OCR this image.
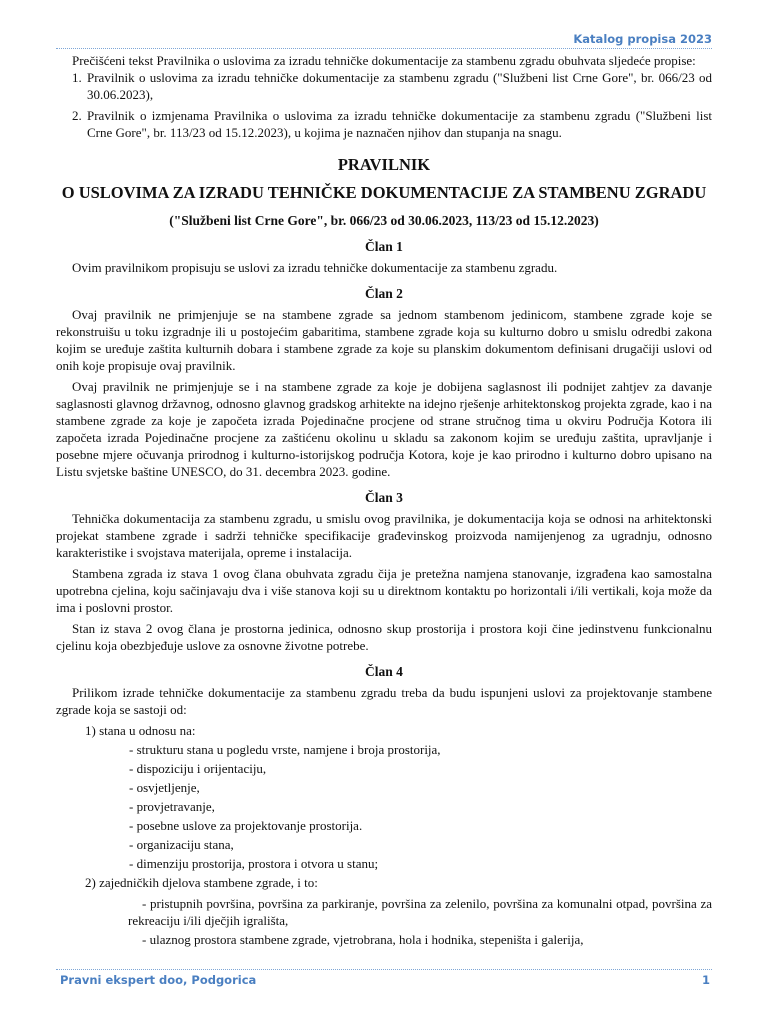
Katalog propisa 2023

Prečišćeni tekst Pravilnika o uslovima za izradu tehničke dokumentacije za stambenu zgradu obuhvata sljedeće propise:

1. Pravilnik o uslovima za izradu tehničke dokumentacije za stambenu zgradu ("Službeni list Crne Gore", br. 066/23 od 30.06.2023),
2. Pravilnik o izmjenama Pravilnika o uslovima za izradu tehničke dokumentacije za stambenu zgradu ("Službeni list Crne Gore", br. 113/23 od 15.12.2023), u kojima je naznačen njihov dan stupanja na snagu.
PRAVILNIK
O USLOVIMA ZA IZRADU TEHNIČKE DOKUMENTACIJE ZA STAMBENU ZGRADU
("Službeni list Crne Gore", br. 066/23 od 30.06.2023, 113/23 od 15.12.2023)
Član 1

Ovim pravilnikom propisuju se uslovi za izradu tehničke dokumentacije za stambenu zgradu.

Član 2

Ovaj pravilnik ne primjenjuje se na stambene zgrade sa jednom stambenom jedinicom, stambene zgrade koje se rekonstruišu u toku izgradnje ili u postojećim gabaritima, stambene zgrade koja su kulturno dobro u smislu odredbi zakona kojim se uređuje zaštita kulturnih dobara i stambene zgrade za koje su planskim dokumentom definisani drugačiji uslovi od onih koje propisuje ovaj pravilnik.

Ovaj pravilnik ne primjenjuje se i na stambene zgrade za koje je dobijena saglasnost ili podnijet zahtjev za davanje saglasnosti glavnog državnog, odnosno glavnog gradskog arhitekte na idejno rješenje arhitektonskog projekta zgrade, kao i na stambene zgrade za koje je započeta izrada Pojedinačne procjene od strane stručnog tima u okviru Područja Kotora ili započeta izrada Pojedinačne procjene za zaštićenu okolinu u skladu sa zakonom kojim se uređuju zaštita, upravljanje i posebne mjere očuvanja prirodnog i kulturno-istorijskog područja Kotora, koje je kao prirodno i kulturno dobro upisano na Listu svjetske baštine UNESCO, do 31. decembra 2023. godine.

Član 3

Tehnička dokumentacija za stambenu zgradu, u smislu ovog pravilnika, je dokumentacija koja se odnosi na arhitektonski projekat stambene zgrade i sadrži tehničke specifikacije građevinskog proizvoda namijenjenog za ugradnju, odnosno karakteristike i svojstava materijala, opreme i instalacija.

Stambena zgrada iz stava 1 ovog člana obuhvata zgradu čija je pretežna namjena stanovanje, izgrađena kao samostalna upotrebna cjelina, koju sačinjavaju dva i više stanova koji su u direktnom kontaktu po horizontali i/ili vertikali, koja može da ima i poslovni prostor.

Stan iz stava 2 ovog člana je prostorna jedinica, odnosno skup prostorija i prostora koji čine jedinstvenu funkcionalnu cjelinu koja obezbjeđuje uslove za osnovne životne potrebe.

Član 4

Prilikom izrade tehničke dokumentacije za stambenu zgradu treba da budu ispunjeni uslovi za projektovanje stambene zgrade koja se sastoji od:

1) stana u odnosu na:
- strukturu stana u pogledu vrste, namjene i broja prostorija,
- dispoziciju i orijentaciju,
- osvjetljenje,
- provjetravanje,
- posebne uslove za projektovanje prostorija.
- organizaciju stana,
- dimenziju prostorija, prostora i otvora u stanu;
2) zajedničkih djelova stambene zgrade, i to:
- pristupnih površina, površina za parkiranje, površina za zelenilo, površina za komunalni otpad, površina za rekreaciju i/ili dječjih igrališta,
- ulaznog prostora stambene zgrade, vjetrobrana, hola i hodnika, stepeništa i galerija,
Pravni ekspert doo, Podgorica	1
